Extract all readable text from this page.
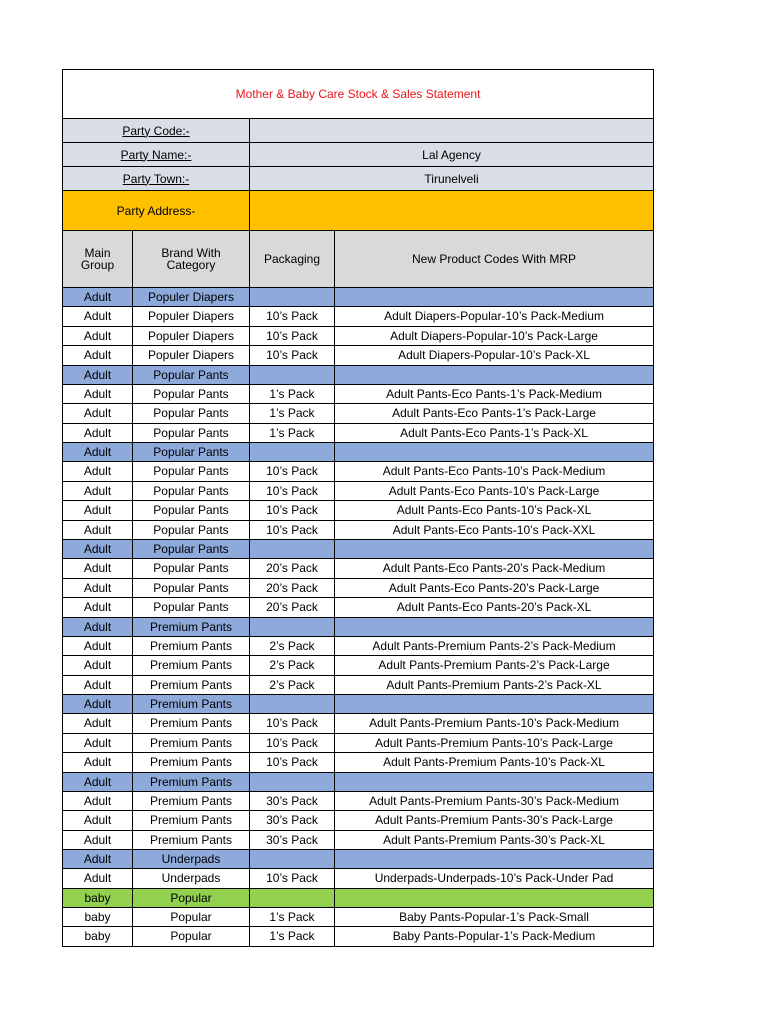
Mother & Baby Care Stock & Sales Statement			
Party Code:-			
Party Name:-		Lal Agency	
Party Town:-		Tirunelveli	
Party Address-			
Main Group	Brand With Category	Packaging	New Product Codes With MRP
Adult	Populer Diapers		
Adult	Populer Diapers	10’s Pack	Adult Diapers-Popular-10’s Pack-Medium
Adult	Populer Diapers	10’s Pack	Adult Diapers-Popular-10’s Pack-Large
Adult	Populer Diapers	10’s Pack	Adult Diapers-Popular-10’s Pack-XL
Adult	Popular Pants		
Adult	Popular Pants	1’s Pack	Adult Pants-Eco Pants-1’s Pack-Medium
Adult	Popular Pants	1’s Pack	Adult Pants-Eco Pants-1’s Pack-Large
Adult	Popular Pants	1’s Pack	Adult Pants-Eco Pants-1’s Pack-XL
Adult	Popular Pants		
Adult	Popular Pants	10’s Pack	Adult Pants-Eco Pants-10’s Pack-Medium
Adult	Popular Pants	10’s Pack	Adult Pants-Eco Pants-10’s Pack-Large
Adult	Popular Pants	10’s Pack	Adult Pants-Eco Pants-10’s Pack-XL
Adult	Popular Pants	10’s Pack	Adult Pants-Eco Pants-10’s Pack-XXL
Adult	Popular Pants		
Adult	Popular Pants	20’s Pack	Adult Pants-Eco Pants-20’s Pack-Medium
Adult	Popular Pants	20’s Pack	Adult Pants-Eco Pants-20’s Pack-Large
Adult	Popular Pants	20’s Pack	Adult Pants-Eco Pants-20’s Pack-XL
Adult	Premium Pants		
Adult	Premium Pants	2’s Pack	Adult Pants-Premium Pants-2’s Pack-Medium
Adult	Premium Pants	2’s Pack	Adult Pants-Premium Pants-2’s Pack-Large
Adult	Premium Pants	2’s Pack	Adult Pants-Premium Pants-2’s Pack-XL
Adult	Premium Pants		
Adult	Premium Pants	10’s Pack	Adult Pants-Premium Pants-10’s Pack-Medium
Adult	Premium Pants	10’s Pack	Adult Pants-Premium Pants-10’s Pack-Large
Adult	Premium Pants	10’s Pack	Adult Pants-Premium Pants-10’s Pack-XL
Adult	Premium Pants		
Adult	Premium Pants	30’s Pack	Adult Pants-Premium Pants-30’s Pack-Medium
Adult	Premium Pants	30’s Pack	Adult Pants-Premium Pants-30’s Pack-Large
Adult	Premium Pants	30’s Pack	Adult Pants-Premium Pants-30’s Pack-XL
Adult	Underpads		
Adult	Underpads	10’s Pack	Underpads-Underpads-10’s Pack-Under Pad
baby	Popular		
baby	Popular	1’s Pack	Baby Pants-Popular-1’s Pack-Small
baby	Popular	1’s Pack	Baby Pants-Popular-1’s Pack-Medium
